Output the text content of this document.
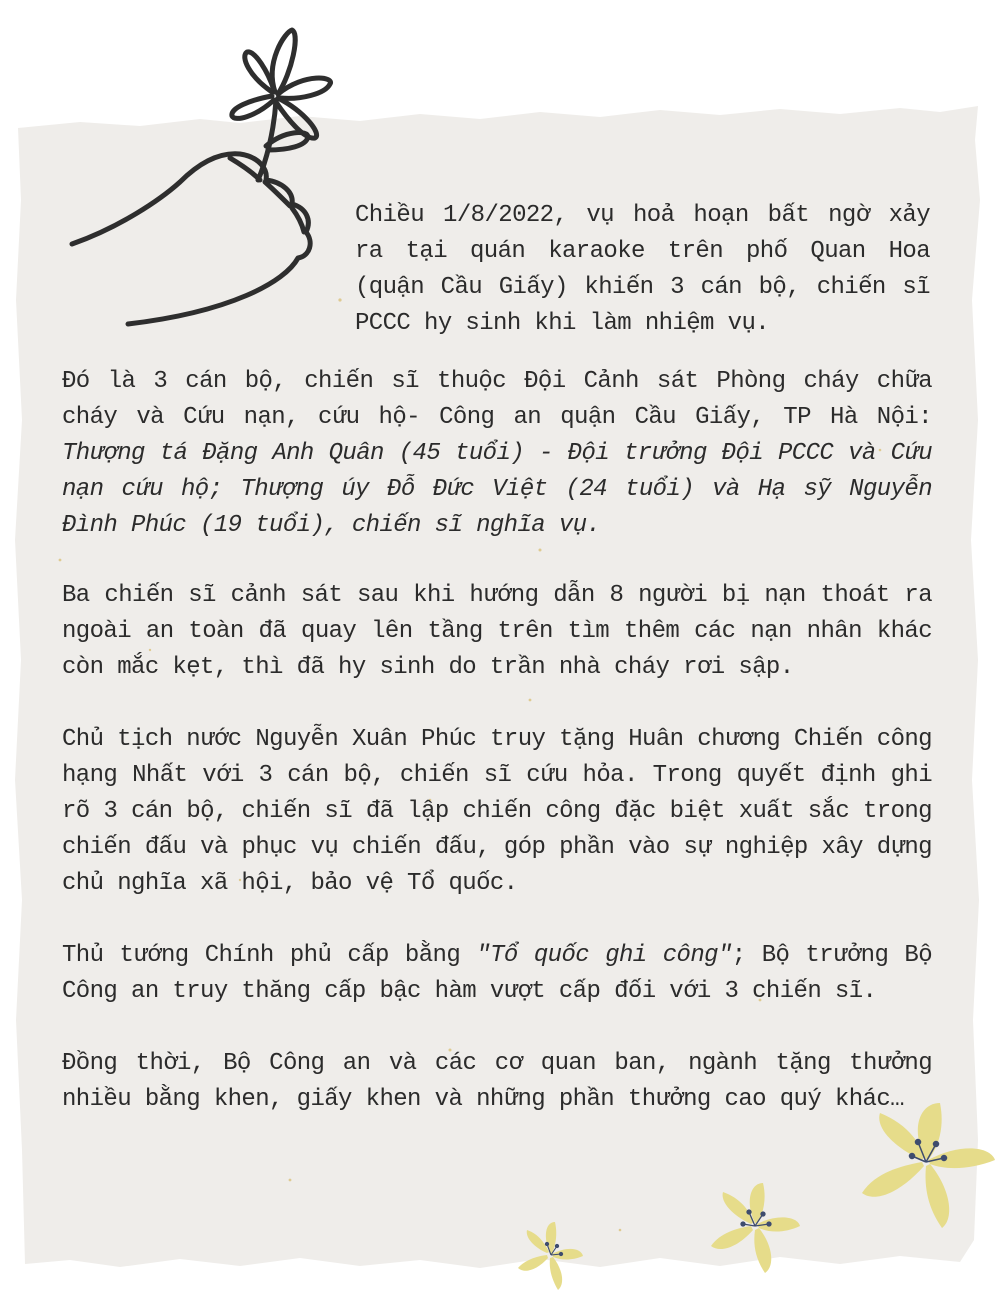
Chiều 1/8/2022, vụ hoả hoạn bất ngờ xảy ra tại quán karaoke trên phố Quan Hoa (quận Cầu Giấy) khiến 3 cán bộ, chiến sĩ PCCC hy sinh khi làm nhiệm vụ.

Đó là 3 cán bộ, chiến sĩ thuộc Đội Cảnh sát Phòng cháy chữa cháy và Cứu nạn, cứu hộ- Công an quận Cầu Giấy, TP Hà Nội: Thượng tá Đặng Anh Quân (45 tuổi) - Đội trưởng Đội PCCC và Cứu nạn cứu hộ; Thượng úy Đỗ Đức Việt (24 tuổi) và Hạ sỹ Nguyễn Đình Phúc (19 tuổi), chiến sĩ nghĩa vụ.

Ba chiến sĩ cảnh sát sau khi hướng dẫn 8 người bị nạn thoát ra ngoài an toàn đã quay lên tầng trên tìm thêm các nạn nhân khác còn mắc kẹt, thì đã hy sinh do trần nhà cháy rơi sập.

Chủ tịch nước Nguyễn Xuân Phúc truy tặng Huân chương Chiến công hạng Nhất với 3 cán bộ, chiến sĩ cứu hỏa. Trong quyết định ghi rõ 3 cán bộ, chiến sĩ đã lập chiến công đặc biệt xuất sắc trong chiến đấu và phục vụ chiến đấu, góp phần vào sự nghiệp xây dựng chủ nghĩa xã hội, bảo vệ Tổ quốc.

Thủ tướng Chính phủ cấp bằng "Tổ quốc ghi công"; Bộ trưởng Bộ Công an truy thăng cấp bậc hàm vượt cấp đối với 3 chiến sĩ.

Đồng thời, Bộ Công an và các cơ quan ban, ngành tặng thưởng nhiều bằng khen, giấy khen và những phần thưởng cao quý khác…
